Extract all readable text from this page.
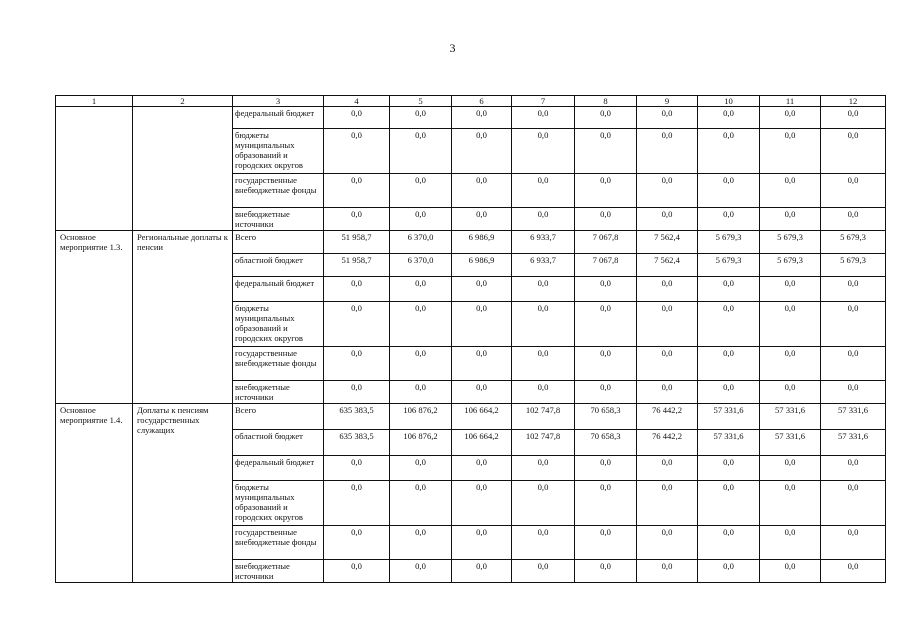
3
1	2	3	4	5	6	7	8	9	10	11	12
		федеральный бюджет	0,0	0,0	0,0	0,0	0,0	0,0	0,0	0,0	0,0
		бюджеты муниципальных образований и городских округов	0,0	0,0	0,0	0,0	0,0	0,0	0,0	0,0	0,0
		государственные внебюджетные фонды	0,0	0,0	0,0	0,0	0,0	0,0	0,0	0,0	0,0
		внебюджетные источники	0,0	0,0	0,0	0,0	0,0	0,0	0,0	0,0	0,0
Основное мероприятие 1.3.	Региональные доплаты к пенсии	Всего	51 958,7	6 370,0	6 986,9	6 933,7	7 067,8	7 562,4	5 679,3	5 679,3	5 679,3
		областной бюджет	51 958,7	6 370,0	6 986,9	6 933,7	7 067,8	7 562,4	5 679,3	5 679,3	5 679,3
		федеральный бюджет	0,0	0,0	0,0	0,0	0,0	0,0	0,0	0,0	0,0
		бюджеты муниципальных образований и городских округов	0,0	0,0	0,0	0,0	0,0	0,0	0,0	0,0	0,0
		государственные внебюджетные фонды	0,0	0,0	0,0	0,0	0,0	0,0	0,0	0,0	0,0
		внебюджетные источники	0,0	0,0	0,0	0,0	0,0	0,0	0,0	0,0	0,0
Основное мероприятие 1.4.	Доплаты к пенсиям государственных служащих	Всего	635 383,5	106 876,2	106 664,2	102 747,8	70 658,3	76 442,2	57 331,6	57 331,6	57 331,6
		областной бюджет	635 383,5	106 876,2	106 664,2	102 747,8	70 658,3	76 442,2	57 331,6	57 331,6	57 331,6
		федеральный бюджет	0,0	0,0	0,0	0,0	0,0	0,0	0,0	0,0	0,0
		бюджеты муниципальных образований и городских округов	0,0	0,0	0,0	0,0	0,0	0,0	0,0	0,0	0,0
		государственные внебюджетные фонды	0,0	0,0	0,0	0,0	0,0	0,0	0,0	0,0	0,0
		внебюджетные источники	0,0	0,0	0,0	0,0	0,0	0,0	0,0	0,0	0,0
